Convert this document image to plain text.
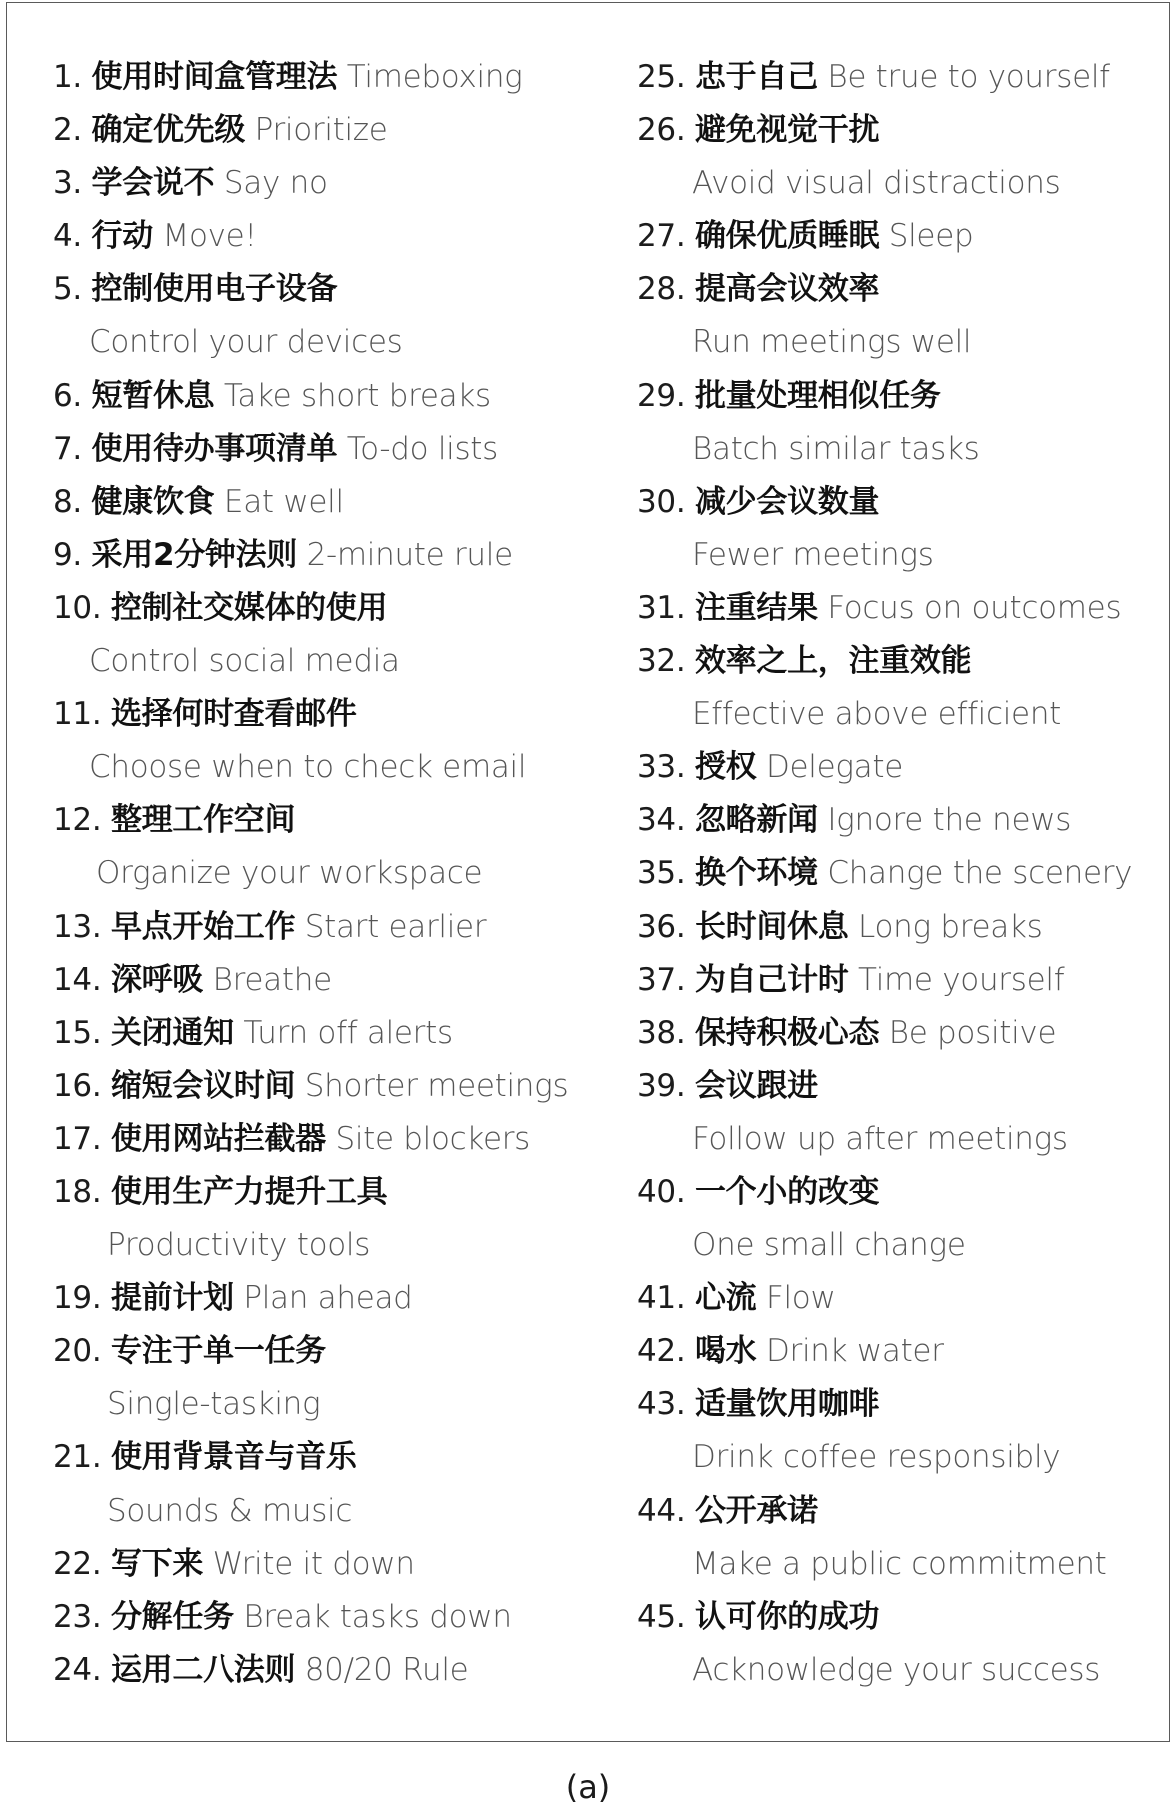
1. 使用时间盒管理法 Timeboxing
2. 确定优先级 Prioritize
3. 学会说不 Say no
4. 行动 Move!
5. 控制使用电子设备
Control your devices
6. 短暂休息 Take short breaks
7. 使用待办事项清单 To-do lists
8. 健康饮食 Eat well
9. 采用2分钟法则 2-minute rule
10. 控制社交媒体的使用
Control social media
11. 选择何时查看邮件
Choose when to check email
12. 整理工作空间
Organize your workspace
13. 早点开始工作 Start earlier
14. 深呼吸 Breathe
15. 关闭通知 Turn off alerts
16. 缩短会议时间 Shorter meetings
17. 使用网站拦截器 Site blockers
18. 使用生产力提升工具
Productivity tools
19. 提前计划 Plan ahead
20. 专注于单一任务
Single-tasking
21. 使用背景音与音乐
Sounds & music
22. 写下来 Write it down
23. 分解任务 Break tasks down
24. 运用二八法则 80/20 Rule
25. 忠于自己 Be true to yourself
26. 避免视觉干扰
Avoid visual distractions
27. 确保优质睡眠 Sleep
28. 提高会议效率
Run meetings well
29. 批量处理相似任务
Batch similar tasks
30. 减少会议数量
Fewer meetings
31. 注重结果 Focus on outcomes
32. 效率之上，注重效能
Effective above efficient
33. 授权 Delegate
34. 忽略新闻 Ignore the news
35. 换个环境 Change the scenery
36. 长时间休息 Long breaks
37. 为自己计时 Time yourself
38. 保持积极心态 Be positive
39. 会议跟进
Follow up after meetings
40. 一个小的改变
One small change
41. 心流 Flow
42. 喝水 Drink water
43. 适量饮用咖啡
Drink coffee responsibly
44. 公开承诺
Make a public commitment
45. 认可你的成功
Acknowledge your success
(a)
